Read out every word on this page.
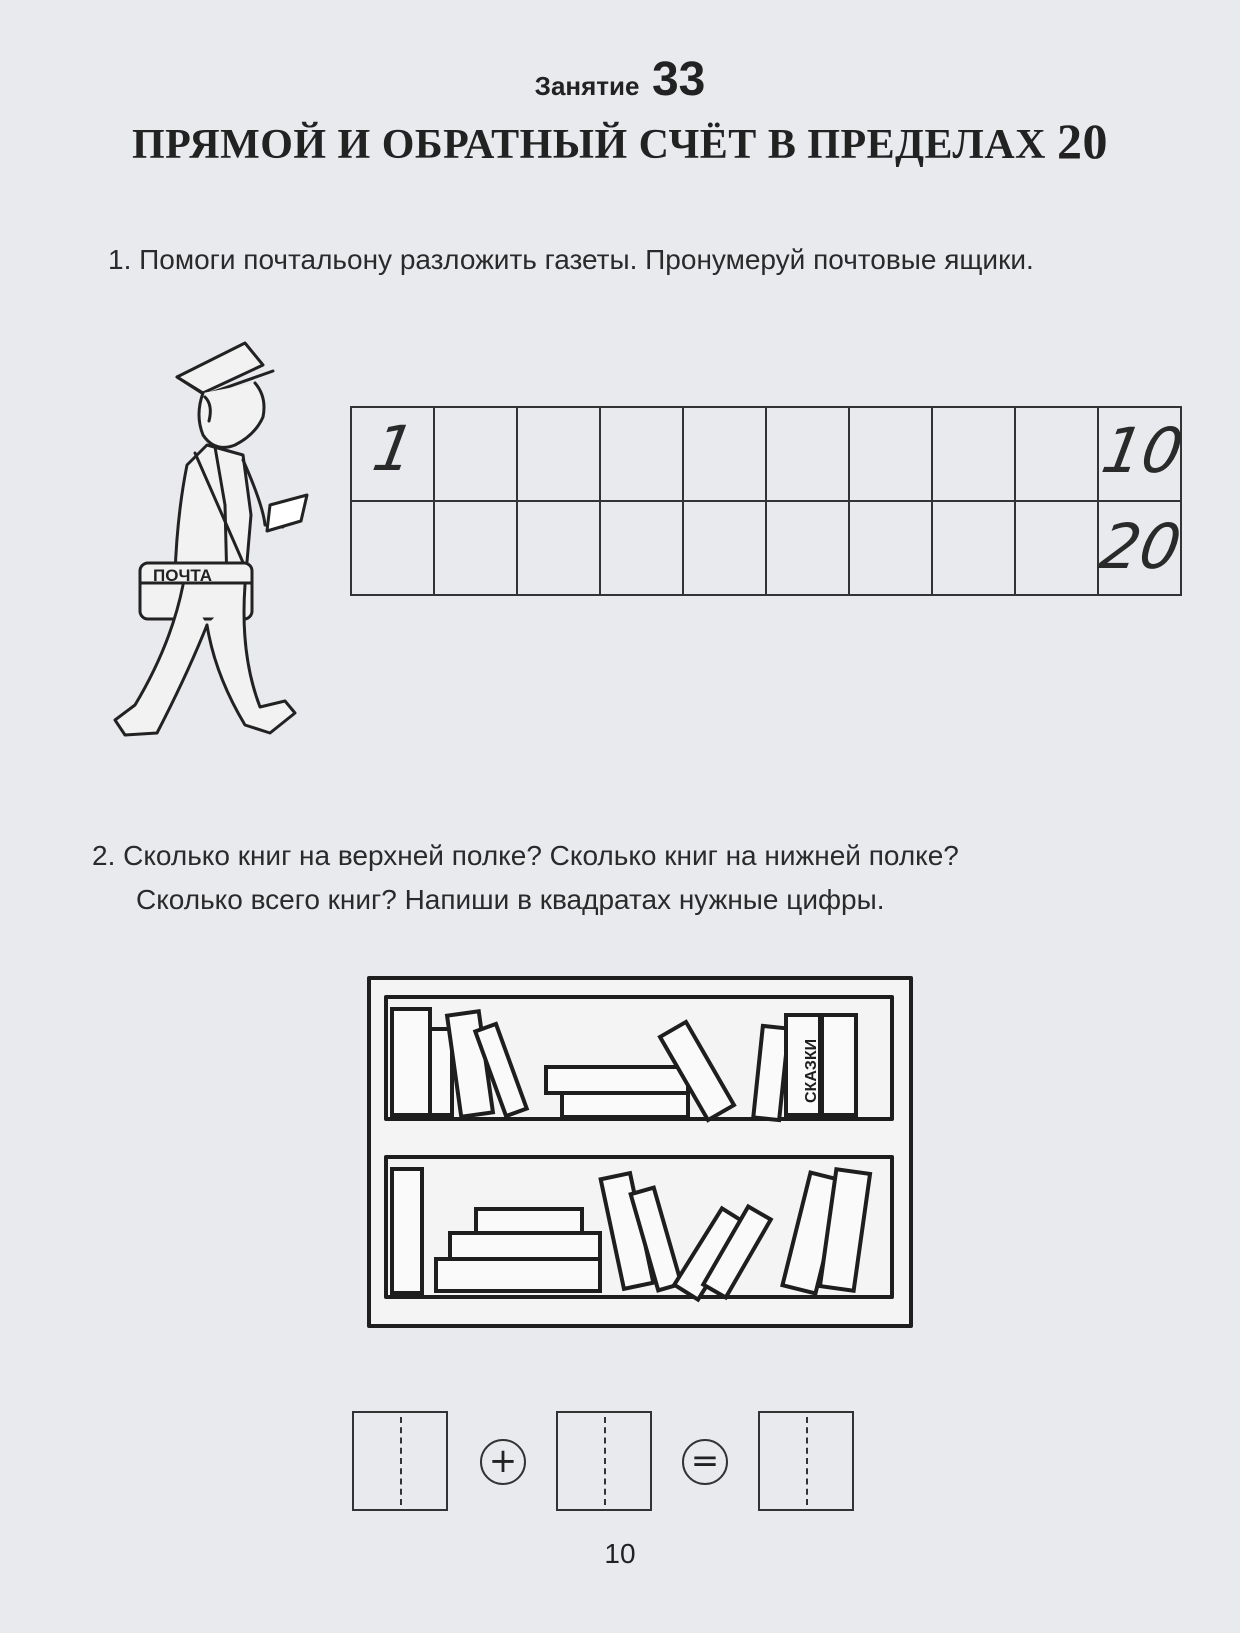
Занятие 33
ПРЯМОЙ И ОБРАТНЫЙ СЧЁТ В ПРЕДЕЛАХ 20
1. Помоги почтальону разложить газеты. Пронумеруй почтовые ящики.
ПОЧТА
1									10

									20
2. Сколько книг на верхней полке? Сколько книг на нижней полке?
Сколько всего книг? Напиши в квадратах нужные цифры.
СКАЗКИ
+	=
10
